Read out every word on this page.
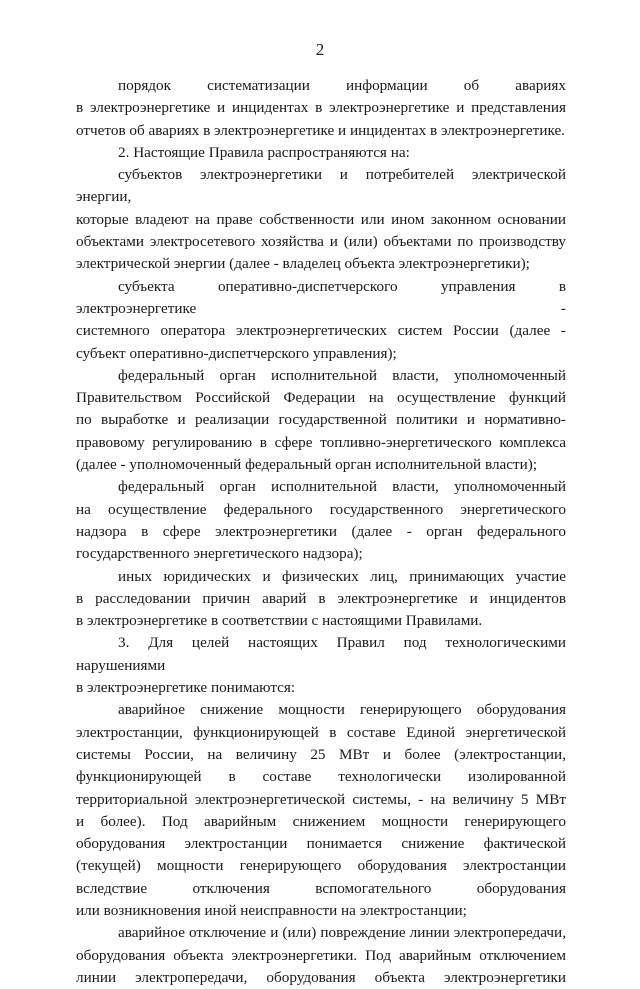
2

порядок систематизации информации об авариях

в электроэнергетике и инцидентах в электроэнергетике и представления

отчетов об авариях в электроэнергетике и инцидентах в электроэнергетике.

2. Настоящие Правила распространяются на:

субъектов электроэнергетики и потребителей электрической энергии,

которые владеют на праве собственности или ином законном основании

объектами электросетевого хозяйства и (или) объектами по производству

электрической энергии (далее - владелец объекта электроэнергетики);

субъекта оперативно-диспетчерского управления в электроэнергетике -

системного оператора электроэнергетических систем России (далее -

субъект оперативно-диспетчерского управления);

федеральный орган исполнительной власти, уполномоченный

Правительством Российской Федерации на осуществление функций

по выработке и реализации государственной политики и нормативно-

правовому регулированию в сфере топливно-энергетического комплекса

(далее - уполномоченный федеральный орган исполнительной власти);

федеральный орган исполнительной власти, уполномоченный

на осуществление федерального государственного энергетического

надзора в сфере электроэнергетики (далее - орган федерального

государственного энергетического надзора);

иных юридических и физических лиц, принимающих участие

в расследовании причин аварий в электроэнергетике и инцидентов

в электроэнергетике в соответствии с настоящими Правилами.

3. Для целей настоящих Правил под технологическими нарушениями

в электроэнергетике понимаются:

аварийное снижение мощности генерирующего оборудования

электростанции, функционирующей в составе Единой энергетической

системы России, на величину 25 МВт и более (электростанции,

функционирующей в составе технологически изолированной

территориальной электроэнергетической системы, - на величину 5 МВт

и более). Под аварийным снижением мощности генерирующего

оборудования электростанции понимается снижение фактической

(текущей) мощности генерирующего оборудования электростанции

вследствие отключения вспомогательного оборудования

или возникновения иной неисправности на электростанции;

аварийное отключение и (или) повреждение линии электропередачи,

оборудования объекта электроэнергетики. Под аварийным отключением

линии электропередачи, оборудования объекта электроэнергетики
